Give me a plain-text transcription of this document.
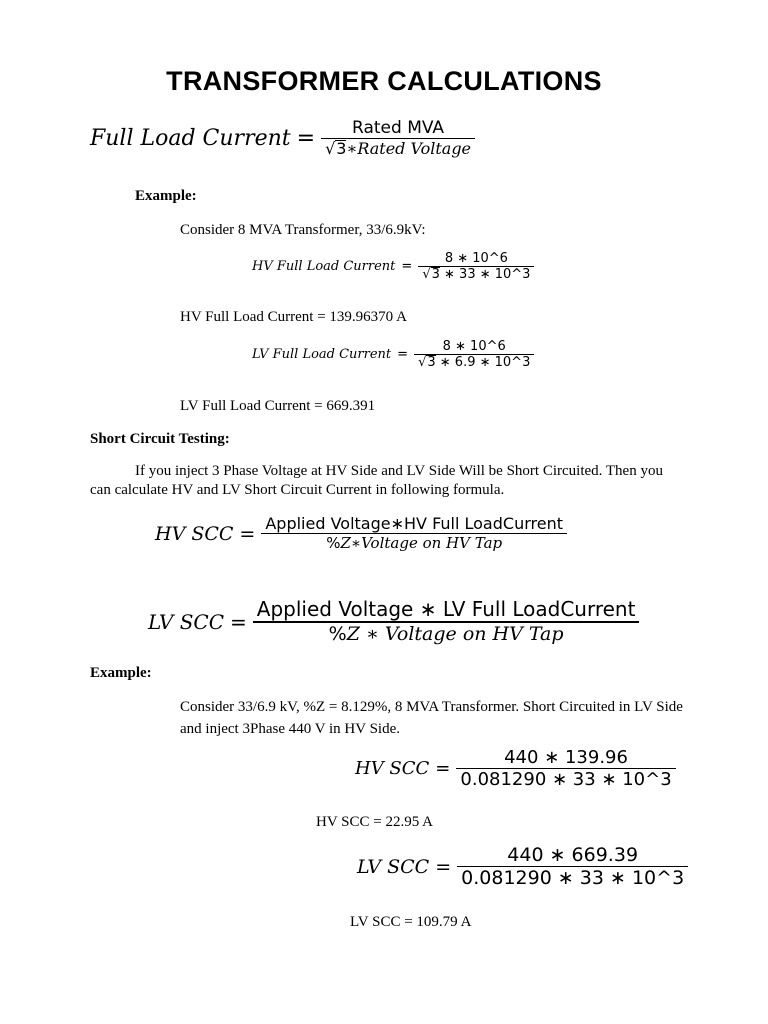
TRANSFORMER CALCULATIONS
Full Load Current = $\frac{\text{Rated MVA}}{\text{√3∗Rated Voltage}}$
Example:
Consider 8 MVA Transformer, 33/6.9kV:
HV Full Load Current = $\frac{8 ∗ 10\^{}6}{√3 ∗ 33 ∗ 10\^{}3}$
HV Full Load Current = 139.96370 A
LV Full Load Current = $\frac{8 ∗ 10\^{}6}{√3 ∗ 6.9 ∗ 10\^{}3}$
LV Full Load Current = 669.391
Short Circuit Testing:
If you inject 3 Phase Voltage at HV Side and LV Side Will be Short Circuited. Then you can calculate HV and LV Short Circuit Current in following formula.
HV SCC = $\frac{\text{Applied Voltage∗HV Full LoadCurrent}}{\text{\%Z∗Voltage on HV Tap}}$
LV SCC = $\frac{\text{Applied Voltage ∗ LV Full LoadCurrent}}{\text{\%Z ∗ Voltage on HV Tap}}$
Example:
Consider 33/6.9 kV, %Z = 8.129%, 8 MVA Transformer. Short Circuited in LV Side and inject 3Phase 440 V in HV Side.
HV SCC = $\frac{440 ∗ 139.96}{0.081290 ∗ 33 ∗ 10\^{}3}$
HV SCC = 22.95 A
LV SCC = $\frac{440 ∗ 669.39}{0.081290 ∗ 33 ∗ 10\^{}3}$
LV SCC = 109.79 A
